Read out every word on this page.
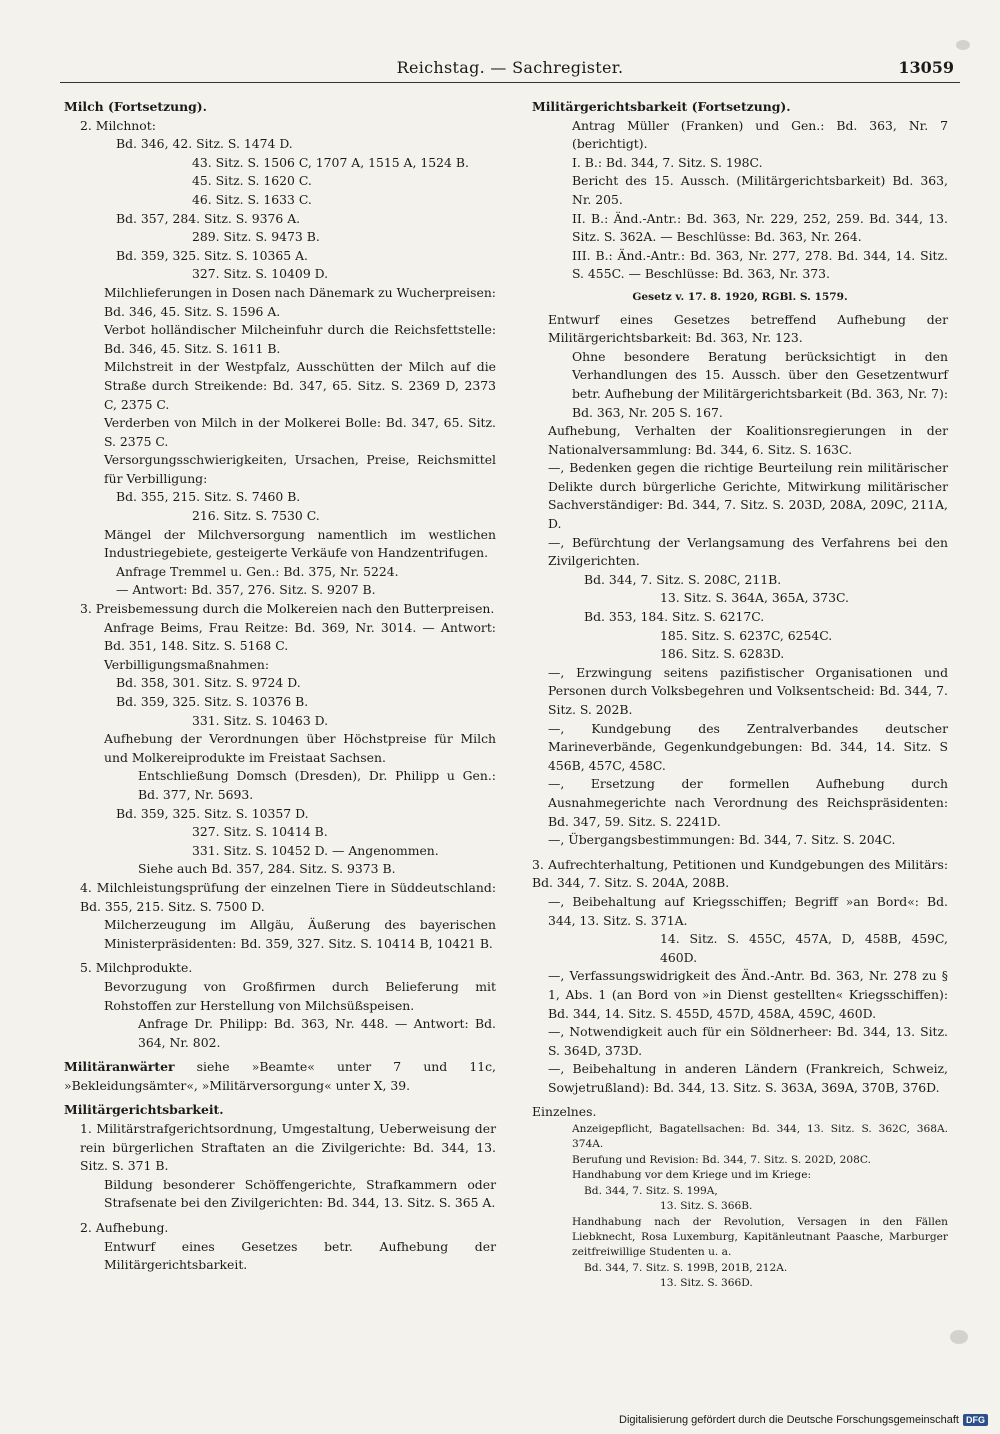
Reichstag. — Sachregister.	13059

Milch (Fortsetzung).

2. Milchnot:

Bd. 346, 42. Sitz. S. 1474 D.

43. Sitz. S. 1506 C, 1707 A, 1515 A, 1524 B.

45. Sitz. S. 1620 C.

46. Sitz. S. 1633 C.

Bd. 357, 284. Sitz. S. 9376 A.

289. Sitz. S. 9473 B.

Bd. 359, 325. Sitz. S. 10365 A.

327. Sitz. S. 10409 D.

Milchlieferungen in Dosen nach Dänemark zu Wucherpreisen: Bd. 346, 45. Sitz. S. 1596 A.

Verbot holländischer Milcheinfuhr durch die Reichsfettstelle: Bd. 346, 45. Sitz. S. 1611 B.

Milchstreit in der Westpfalz, Ausschütten der Milch auf die Straße durch Streikende: Bd. 347, 65. Sitz. S. 2369 D, 2373 C, 2375 C.

Verderben von Milch in der Molkerei Bolle: Bd. 347, 65. Sitz. S. 2375 C.

Versorgungsschwierigkeiten, Ursachen, Preise, Reichsmittel für Verbilligung:

Bd. 355, 215. Sitz. S. 7460 B.

216. Sitz. S. 7530 C.

Mängel der Milchversorgung namentlich im westlichen Industriegebiete, gesteigerte Verkäufe von Handzentrifugen.

Anfrage Tremmel u. Gen.: Bd. 375, Nr. 5224.

— Antwort: Bd. 357, 276. Sitz. S. 9207 B.

3. Preisbemessung durch die Molkereien nach den Butterpreisen.

Anfrage Beims, Frau Reitze: Bd. 369, Nr. 3014. — Antwort: Bd. 351, 148. Sitz. S. 5168 C.

Verbilligungsmaßnahmen:

Bd. 358, 301. Sitz. S. 9724 D.

Bd. 359, 325. Sitz. S. 10376 B.

331. Sitz. S. 10463 D.

Aufhebung der Verordnungen über Höchstpreise für Milch und Molkereiprodukte im Freistaat Sachsen.

Entschließung Domsch (Dresden), Dr. Philipp u Gen.: Bd. 377, Nr. 5693.

Bd. 359, 325. Sitz. S. 10357 D.

327. Sitz. S. 10414 B.

331. Sitz. S. 10452 D. — Angenommen.

Siehe auch Bd. 357, 284. Sitz. S. 9373 B.

4. Milchleistungsprüfung der einzelnen Tiere in Süddeutschland: Bd. 355, 215. Sitz. S. 7500 D.

Milcherzeugung im Allgäu, Äußerung des bayerischen Ministerpräsidenten: Bd. 359, 327. Sitz. S. 10414 B, 10421 B.

5. Milchprodukte.

Bevorzugung von Großfirmen durch Belieferung mit Rohstoffen zur Herstellung von Milchsüßspeisen.

Anfrage Dr. Philipp: Bd. 363, Nr. 448. — Antwort: Bd. 364, Nr. 802.

Militäranwärter siehe »Beamte« unter 7 und 11c, »Bekleidungsämter«, »Militärversorgung« unter X, 39.

Militärgerichtsbarkeit.

1. Militärstrafgerichtsordnung, Umgestaltung, Ueberweisung der rein bürgerlichen Straftaten an die Zivilgerichte: Bd. 344, 13. Sitz. S. 371 B.

Bildung besonderer Schöffengerichte, Strafkammern oder Strafsenate bei den Zivilgerichten: Bd. 344, 13. Sitz. S. 365 A.

2. Aufhebung.

Entwurf eines Gesetzes betr. Aufhebung der Militärgerichtsbarkeit.

Militärgerichtsbarkeit (Fortsetzung).

Antrag Müller (Franken) und Gen.: Bd. 363, Nr. 7 (berichtigt).

I. B.: Bd. 344, 7. Sitz. S. 198C.

Bericht des 15. Aussch. (Militärgerichtsbarkeit) Bd. 363, Nr. 205.

II. B.: Änd.-Antr.: Bd. 363, Nr. 229, 252, 259. Bd. 344, 13. Sitz. S. 362A. — Beschlüsse: Bd. 363, Nr. 264.

III. B.: Änd.-Antr.: Bd. 363, Nr. 277, 278. Bd. 344, 14. Sitz. S. 455C. — Beschlüsse: Bd. 363, Nr. 373.

Gesetz v. 17. 8. 1920, RGBl. S. 1579.

Entwurf eines Gesetzes betreffend Aufhebung der Militärgerichtsbarkeit: Bd. 363, Nr. 123.

Ohne besondere Beratung berücksichtigt in den Verhandlungen des 15. Aussch. über den Gesetzentwurf betr. Aufhebung der Militärgerichtsbarkeit (Bd. 363, Nr. 7): Bd. 363, Nr. 205 S. 167.

Aufhebung, Verhalten der Koalitionsregierungen in der Nationalversammlung: Bd. 344, 6. Sitz. S. 163C.

—, Bedenken gegen die richtige Beurteilung rein militärischer Delikte durch bürgerliche Gerichte, Mitwirkung militärischer Sachverständiger: Bd. 344, 7. Sitz. S. 203D, 208A, 209C, 211A, D.

—, Befürchtung der Verlangsamung des Verfahrens bei den Zivilgerichten.

Bd. 344, 7. Sitz. S. 208C, 211B.

13. Sitz. S. 364A, 365A, 373C.

Bd. 353, 184. Sitz. S. 6217C.

185. Sitz. S. 6237C, 6254C.

186. Sitz. S. 6283D.

—, Erzwingung seitens pazifistischer Organisationen und Personen durch Volksbegehren und Volksentscheid: Bd. 344, 7. Sitz. S. 202B.

—, Kundgebung des Zentralverbandes deutscher Marineverbände, Gegenkundgebungen: Bd. 344, 14. Sitz. S 456B, 457C, 458C.

—, Ersetzung der formellen Aufhebung durch Ausnahmegerichte nach Verordnung des Reichspräsidenten: Bd. 347, 59. Sitz. S. 2241D.

—, Übergangsbestimmungen: Bd. 344, 7. Sitz. S. 204C.

3. Aufrechterhaltung, Petitionen und Kundgebungen des Militärs: Bd. 344, 7. Sitz. S. 204A, 208B.

—, Beibehaltung auf Kriegsschiffen; Begriff »an Bord«: Bd. 344, 13. Sitz. S. 371A.

14. Sitz. S. 455C, 457A, D, 458B, 459C, 460D.

—, Verfassungswidrigkeit des Änd.-Antr. Bd. 363, Nr. 278 zu § 1, Abs. 1 (an Bord von »in Dienst gestellten« Kriegsschiffen): Bd. 344, 14. Sitz. S. 455D, 457D, 458A, 459C, 460D.

—, Notwendigkeit auch für ein Söldnerheer: Bd. 344, 13. Sitz. S. 364D, 373D.

—, Beibehaltung in anderen Ländern (Frankreich, Schweiz, Sowjetrußland): Bd. 344, 13. Sitz. S. 363A, 369A, 370B, 376D.

Einzelnes.

Anzeigepflicht, Bagatellsachen: Bd. 344, 13. Sitz. S. 362C, 368A. 374A.

Berufung und Revision: Bd. 344, 7. Sitz. S. 202D, 208C.

Handhabung vor dem Kriege und im Kriege:

Bd. 344, 7. Sitz. S. 199A,

13. Sitz. S. 366B.

Handhabung nach der Revolution, Versagen in den Fällen Liebknecht, Rosa Luxemburg, Kapitänleutnant Paasche, Marburger zeitfreiwillige Studenten u. a.

Bd. 344, 7. Sitz. S. 199B, 201B, 212A.

13. Sitz. S. 366D.

Digitalisierung gefördert durch die Deutsche Forschungsgemeinschaft DFG
